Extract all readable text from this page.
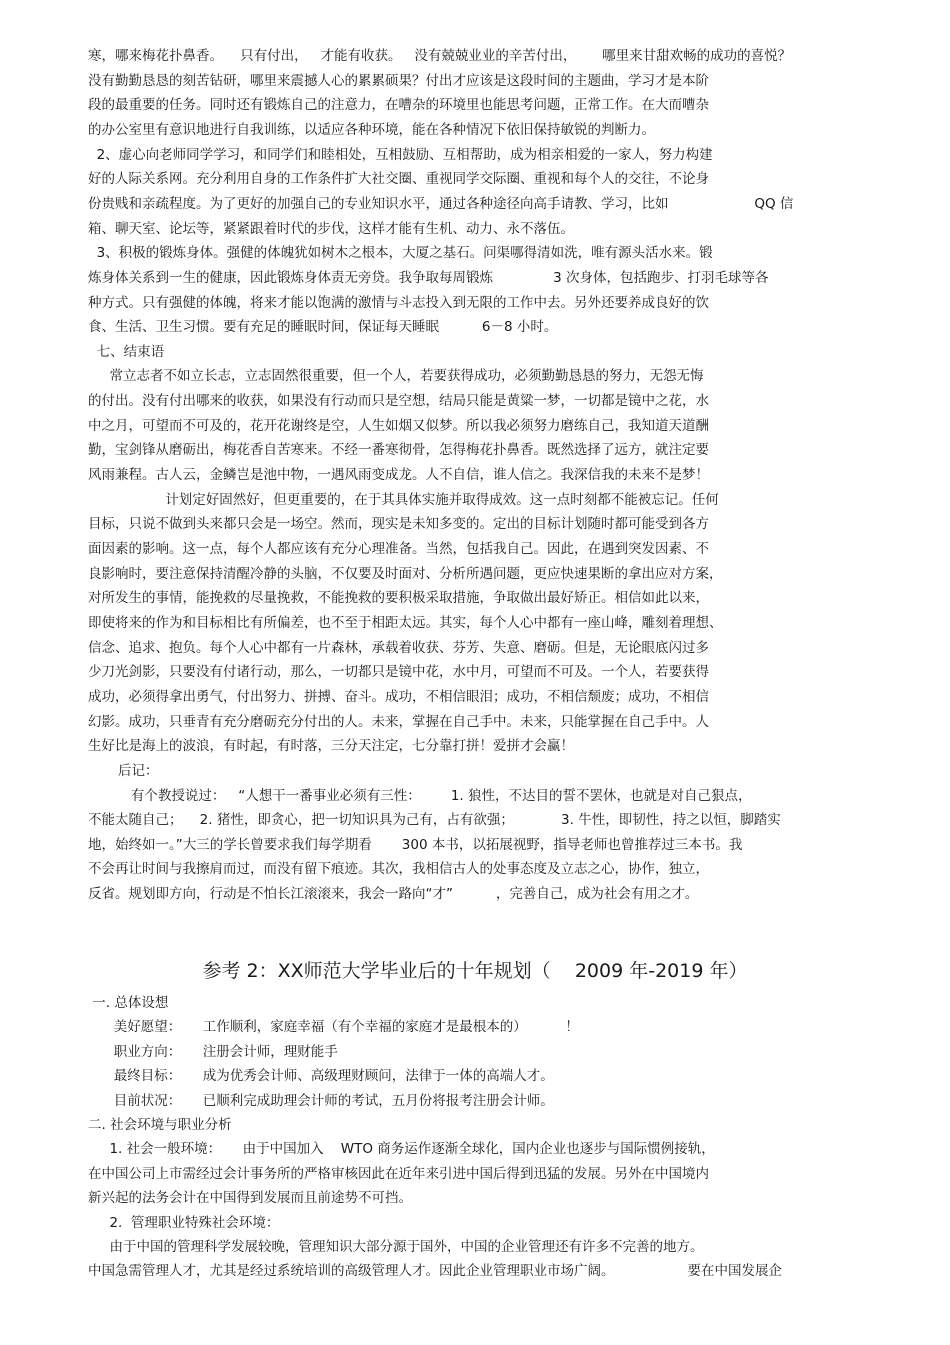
寒，哪来梅花扑鼻香。    只有付出，   才能有收获。   没有兢兢业业的辛苦付出，      哪里来甘甜欢畅的成功的喜悦？
没有勤勤恳恳的刻苦钻研，哪里来震撼人心的累累硕果？付出才应该是这段时间的主题曲，学习才是本阶
段的最重要的任务。同时还有锻炼自己的注意力，在嘈杂的环境里也能思考问题，正常工作。在大而嘈杂
的办公室里有意识地进行自我训练，以适应各种环境，能在各种情况下依旧保持敏锐的判断力。
2、虚心向老师同学学习，和同学们和睦相处，互相鼓励、互相帮助，成为相亲相爱的一家人，努力构建
好的人际关系网。充分利用自身的工作条件扩大社交圈、重视同学交际圈、重视和每个人的交往，不论身
份贵贱和亲疏程度。为了更好的加强自己的专业知识水平，通过各种途径向高手请教、学习，比如                    QQ 信
箱、聊天室、论坛等，紧紧跟着时代的步伐，这样才能有生机、动力、永不落伍。
3、积极的锻炼身体。强健的体魄犹如树木之根本，大厦之基石。问渠哪得清如洗，唯有源头活水来。锻
炼身体关系到一生的健康，因此锻炼身体责无旁贷。我争取每周锻炼              3 次身体，包括跑步、打羽毛球等各
种方式。只有强健的体魄，将来才能以饱满的激情与斗志投入到无限的工作中去。另外还要养成良好的饮
食、生活、卫生习惯。要有充足的睡眠时间，保证每天睡眠          6－8 小时。
七、结束语
常立志者不如立长志，立志固然很重要，但一个人，若要获得成功，必须勤勤恳恳的努力，无怨无悔
的付出。没有付出哪来的收获，如果没有行动而只是空想，结局只能是黄粱一梦，一切都是镜中之花，水
中之月，可望而不可及的，花开花谢终是空，人生如烟又似梦。所以我必须努力磨练自己，我知道天道酬
勤，宝剑锋从磨砺出，梅花香自苦寒来。不经一番寒彻骨，怎得梅花扑鼻香。既然选择了远方，就注定要
风雨兼程。古人云，金鳞岂是池中物，一遇风雨变成龙。人不自信，谁人信之。我深信我的未来不是梦！
计划定好固然好，但更重要的，在于其具体实施并取得成效。这一点时刻都不能被忘记。任何
目标，只说不做到头来都只会是一场空。然而，现实是未知多变的。定出的目标计划随时都可能受到各方
面因素的影响。这一点，每个人都应该有充分心理准备。当然，包括我自己。因此，在遇到突发因素、不
良影响时，要注意保持清醒冷静的头脑，不仅要及时面对、分析所遇问题，更应快速果断的拿出应对方案，
对所发生的事情，能挽救的尽量挽救，不能挽救的要积极采取措施，争取做出最好矫正。相信如此以来，
即使将来的作为和目标相比有所偏差，也不至于相距太远。其实，每个人心中都有一座山峰，雕刻着理想、
信念、追求、抱负。每个人心中都有一片森林，承载着收获、芬芳、失意、磨砺。但是，无论眼底闪过多
少刀光剑影，只要没有付诸行动，那么，一切都只是镜中花，水中月，可望而不可及。一个人，若要获得
成功，必须得拿出勇气，付出努力、拼搏、奋斗。成功，不相信眼泪；成功，不相信颓废；成功，不相信
幻影。成功，只垂青有充分磨砺充分付出的人。未来，掌握在自己手中。未来，只能掌握在自己手中。人
生好比是海上的波浪，有时起，有时落，三分天注定，七分靠打拼！爱拼才会赢！
后记：
有个教授说过：   “人想干一番事业必须有三性：       1. 狼性，不达目的誓不罢休，也就是对自己狠点，
不能太随自己；    2. 猪性，即贪心，把一切知识具为己有，占有欲强；           3. 牛性，即韧性，持之以恒，脚踏实
地，始终如一。”大三的学长曾要求我们每学期看       300 本书，以拓展视野，指导老师也曾推荐过三本书。我
不会再让时间与我擦肩而过，而没有留下痕迹。其次，我相信古人的处事态度及立志之心，协作，独立，
反省。规划即方向，行动是不怕长江滚滚来，我会一路向“才”          ，完善自己，成为社会有用之才。
参考 2：XX师范大学毕业后的十年规划（    2009 年-2019 年）
一. 总体设想
美好愿望：     工作顺利，家庭幸福（有个幸福的家庭才是最根本的）         ！
职业方向：     注册会计师，理财能手
最终目标：     成为优秀会计师、高级理财顾问，法律于一体的高端人才。
目前状况：     已顺利完成助理会计师的考试，五月份将报考注册会计师。
二. 社会环境与职业分析
1. 社会一般环境：     由于中国加入    WTO 商务运作逐渐全球化，国内企业也逐步与国际惯例接轨，
在中国公司上市需经过会计事务所的严格审核因此在近年来引进中国后得到迅猛的发展。另外在中国境内
新兴起的法务会计在中国得到发展而且前途势不可挡。
2.  管理职业特殊社会环境：
由于中国的管理科学发展较晚，管理知识大部分源于国外，中国的企业管理还有许多不完善的地方。
中国急需管理人才，尤其是经过系统培训的高级管理人才。因此企业管理职业市场广阔。                 要在中国发展企
